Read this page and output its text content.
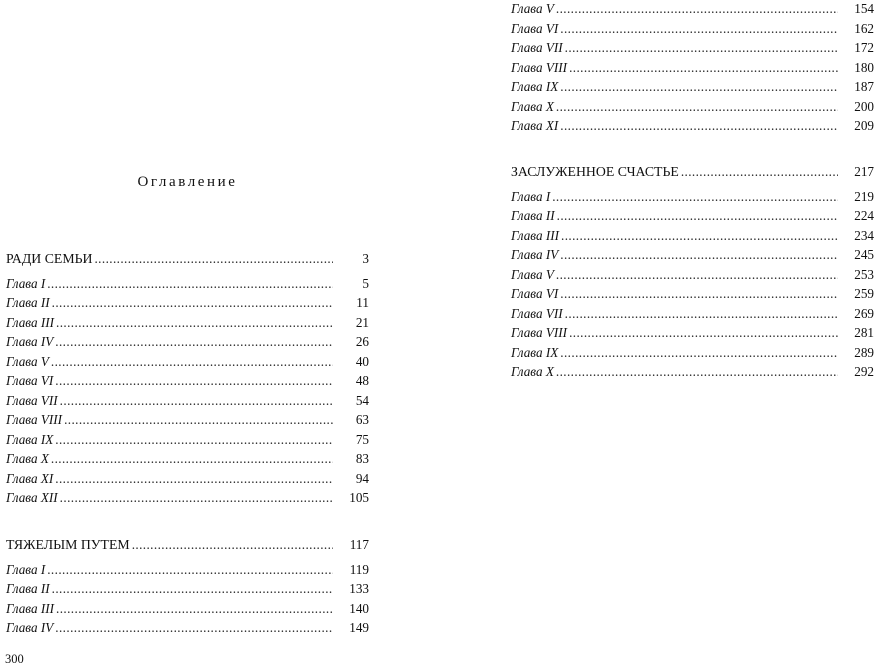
Оглавление
РАДИ СЕМЬИ .....	3
Глава I .....	5
Глава II .....	11
Глава III .....	21
Глава IV .....	26
Глава V .....	40
Глава VI .....	48
Глава VII .....	54
Глава VIII .....	63
Глава IX .....	75
Глава X .....	83
Глава XI .....	94
Глава XII .....	105
ТЯЖЕЛЫМ ПУТЕМ .....	117
Глава I .....	119
Глава II .....	133
Глава III .....	140
Глава IV .....	149
Глава V .....	154
Глава VI .....	162
Глава VII .....	172
Глава VIII .....	180
Глава IX .....	187
Глава X .....	200
Глава XI .....	209
ЗАСЛУЖЕННОЕ СЧАСТЬЕ .....	217
Глава I .....	219
Глава II .....	224
Глава III .....	234
Глава IV .....	245
Глава V .....	253
Глава VI .....	259
Глава VII .....	269
Глава VIII .....	281
Глава IX .....	289
Глава X .....	292
300
